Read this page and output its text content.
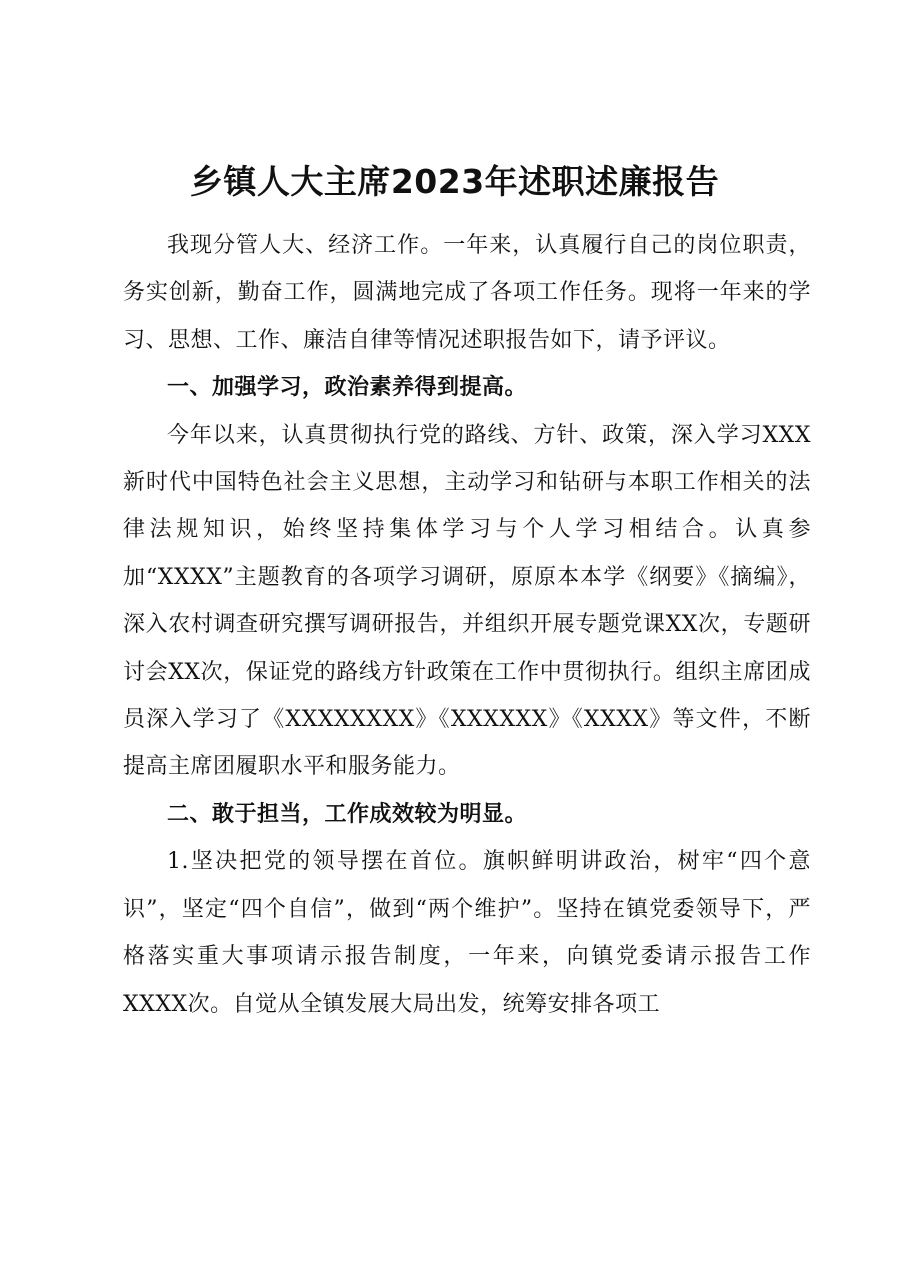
乡镇人大主席2023年述职述廉报告

我现分管人大、经济工作。一年来，认真履行自己的岗位职责，务实创新，勤奋工作，圆满地完成了各项工作任务。现将一年来的学习、思想、工作、廉洁自律等情况述职报告如下，请予评议。

一、加强学习，政治素养得到提高。

今年以来，认真贯彻执行党的路线、方针、政策，深入学习XXX新时代中国特色社会主义思想，主动学习和钻研与本职工作相关的法律法规知识，始终坚持集体学习与个人学习相结合。认真参加“XXXX”主题教育的各项学习调研，原原本本学《纲要》《摘编》，深入农村调查研究撰写调研报告，并组织开展专题党课XX次，专题研讨会XX次，保证党的路线方针政策在工作中贯彻执行。组织主席团成员深入学习了《XXXXXXXX》《XXXXXX》《XXXX》等文件，不断提高主席团履职水平和服务能力。

二、敢于担当，工作成效较为明显。

1.坚决把党的领导摆在首位。旗帜鲜明讲政治，树牢“四个意识”，坚定“四个自信”，做到“两个维护”。坚持在镇党委领导下，严格落实重大事项请示报告制度，一年来，向镇党委请示报告工作XXXX次。自觉从全镇发展大局出发，统筹安排各项工
